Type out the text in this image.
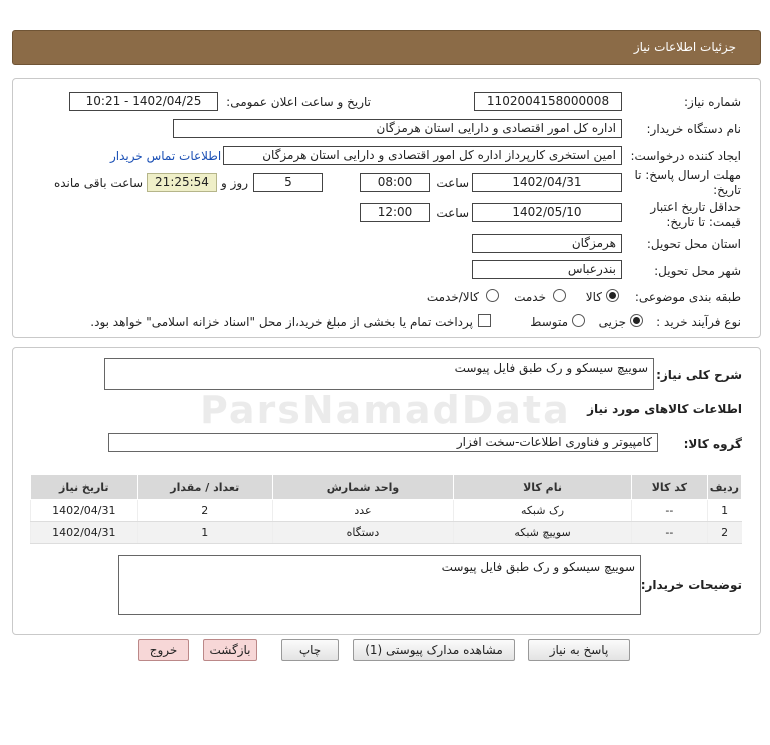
جزئیات اطلاعات نیاز
شماره نیاز:
1102004158000008
تاریخ و ساعت اعلان عمومی:
1402/04/25 - 10:21
نام دستگاه خریدار:
اداره کل امور اقتصادی و دارایی استان هرمزگان
ایجاد کننده درخواست:
امین استخری کارپرداز اداره کل امور اقتصادی و دارایی استان هرمزگان
اطلاعات تماس خریدار
مهلت ارسال پاسخ: تا
تاریخ:
1402/04/31
ساعت
08:00
5
روز و
21:25:54
ساعت باقی مانده
حداقل تاریخ اعتبار
قیمت: تا تاریخ:
1402/05/10
ساعت
12:00
استان محل تحویل:
هرمزگان
شهر محل تحویل:
بندرعباس
طبقه بندی موضوعی:
کالا
خدمت
کالا/خدمت
نوع فرآیند خرید :
جزیی
متوسط
پرداخت تمام یا بخشی از مبلغ خرید،از محل "اسناد خزانه اسلامی" خواهد بود.
شرح کلی نیاز:
سوییچ سیسکو و رک طبق فایل پیوست
ParsNamadData اطلاعات کالاهای مورد نیاز
گروه کالا:
کامپیوتر و فناوری اطلاعات-سخت افزار
ردیف	کد کالا	نام کالا	واحد شمارش	تعداد / مقدار	تاریخ نیاز
1	--	رک شبکه	عدد	2	1402/04/31
2	--	سوییچ شبکه	دستگاه	1	1402/04/31
توضیحات خریدار:
سوییچ سیسکو و رک طبق فایل پیوست
پاسخ به نیاز
مشاهده مدارک پیوستی (1)
چاپ
بازگشت
خروج
